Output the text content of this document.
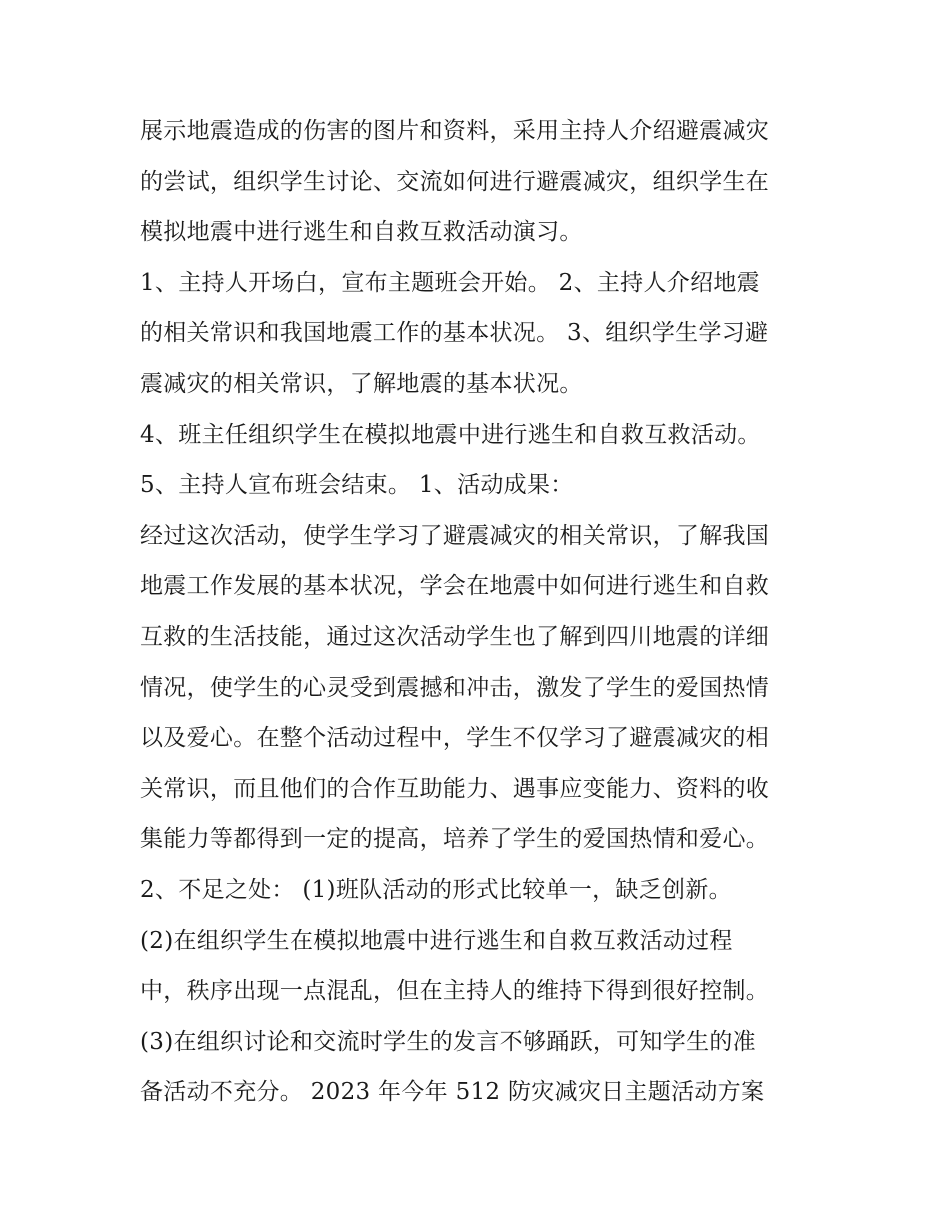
展示地震造成的伤害的图片和资料，采用主持人介绍避震减灾
的尝试，组织学生讨论、交流如何进行避震减灾，组织学生在
模拟地震中进行逃生和自救互救活动演习。
1、主持人开场白，宣布主题班会开始。 2、主持人介绍地震
的相关常识和我国地震工作的基本状况。 3、组织学生学习避
震减灾的相关常识，了解地震的基本状况。
4、班主任组织学生在模拟地震中进行逃生和自救互救活动。
5、主持人宣布班会结束。 1、活动成果：
经过这次活动，使学生学习了避震减灾的相关常识，了解我国
地震工作发展的基本状况，学会在地震中如何进行逃生和自救
互救的生活技能，通过这次活动学生也了解到四川地震的详细
情况，使学生的心灵受到震撼和冲击，激发了学生的爱国热情
以及爱心。在整个活动过程中，学生不仅学习了避震减灾的相
关常识，而且他们的合作互助能力、遇事应变能力、资料的收
集能力等都得到一定的提高，培养了学生的爱国热情和爱心。
2、不足之处： (1)班队活动的形式比较单一，缺乏创新。
(2)在组织学生在模拟地震中进行逃生和自救互救活动过程
中，秩序出现一点混乱，但在主持人的维持下得到很好控制。
(3)在组织讨论和交流时学生的发言不够踊跃，可知学生的准
备活动不充分。 2023 年今年 512 防灾减灾日主题活动方案
